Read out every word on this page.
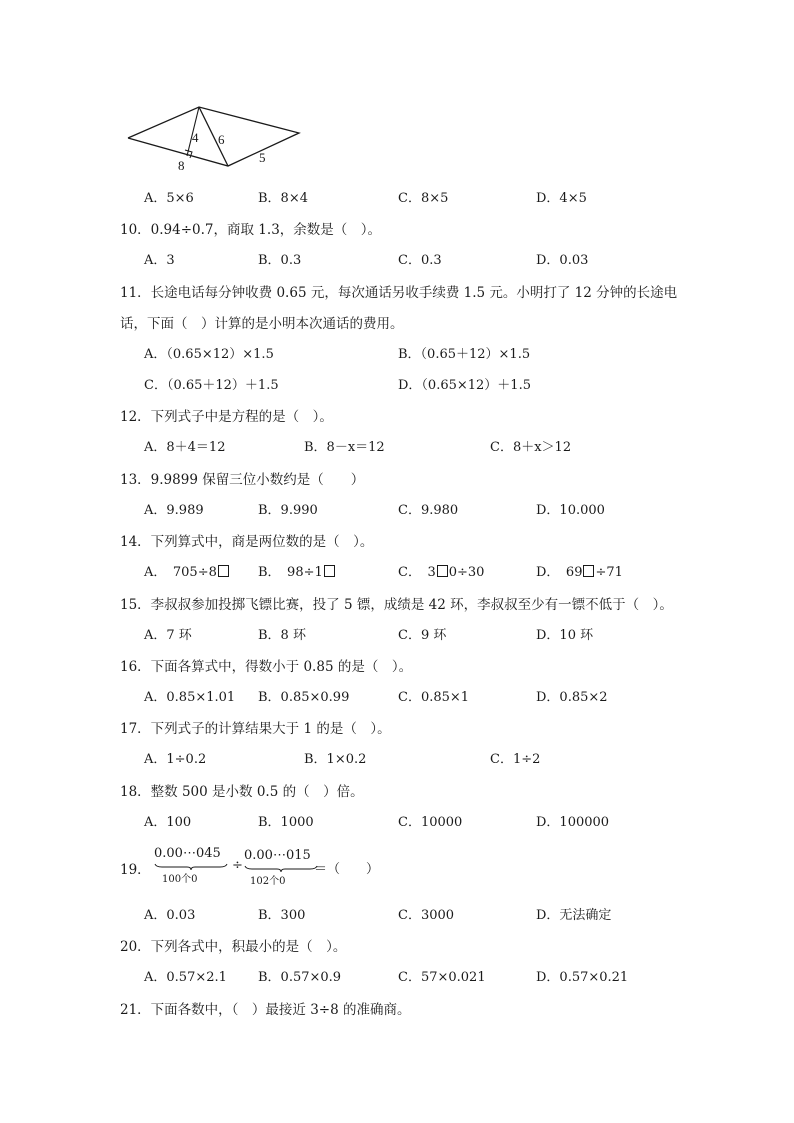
4
8
6
5
A．5×6	B．8×4	C．8×5	D．4×5
10．0.94÷0.7，商取 1.3，余数是（　）。
A．3	B．0.3	C．0.3	D．0.03
11．长途电话每分钟收费 0.65 元，每次通话另收手续费 1.5 元。小明打了 12 分钟的长途电
话，下面（　）计算的是小明本次通话的费用。
A．（0.65×12）×1.5	B．（0.65＋12）×1.5
C．（0.65＋12）＋1.5	D．（0.65×12）＋1.5
12．下列式子中是方程的是（　）。
A．8＋4＝12	B．8－x＝12	C．8＋x＞12
13．9.9899 保留三位小数约是（　　）
A．9.989	B．9.990	C．9.980	D．10.000
14．下列算式中，商是两位数的是（　）。
A．　705÷8	B．　98÷1	C．　3 0÷30	D．　69 ÷71
15．李叔叔参加投掷飞镖比赛，投了 5 镖，成绩是 42 环，李叔叔至少有一镖不低于（　）。
A．7 环	B．8 环	C．9 环	D．10 环
16．下面各算式中，得数小于 0.85 的是（　）。
A．0.85×1.01 B．0.85×0.99	C．0.85×1	D．0.85×2
17．下列式子的计算结果大于 1 的是（　）。
A．1÷0.2	B．1×0.2	C．1÷2
18．整数 500 是小数 0.5 的（　）倍。
A．100	B．1000	C．10000	D．100000
19．
0.00⋯045
100个0
÷
0.00⋯015
102个0
＝（　　）
A．0.03	B．300	C．3000	D．无法确定
20．下列各式中，积最小的是（　）。
A．0.57×2.1 B．0.57×0.9	C．57×0.021	D．0.57×0.21
21．下面各数中，（　）最接近 3÷8 的准确商。
